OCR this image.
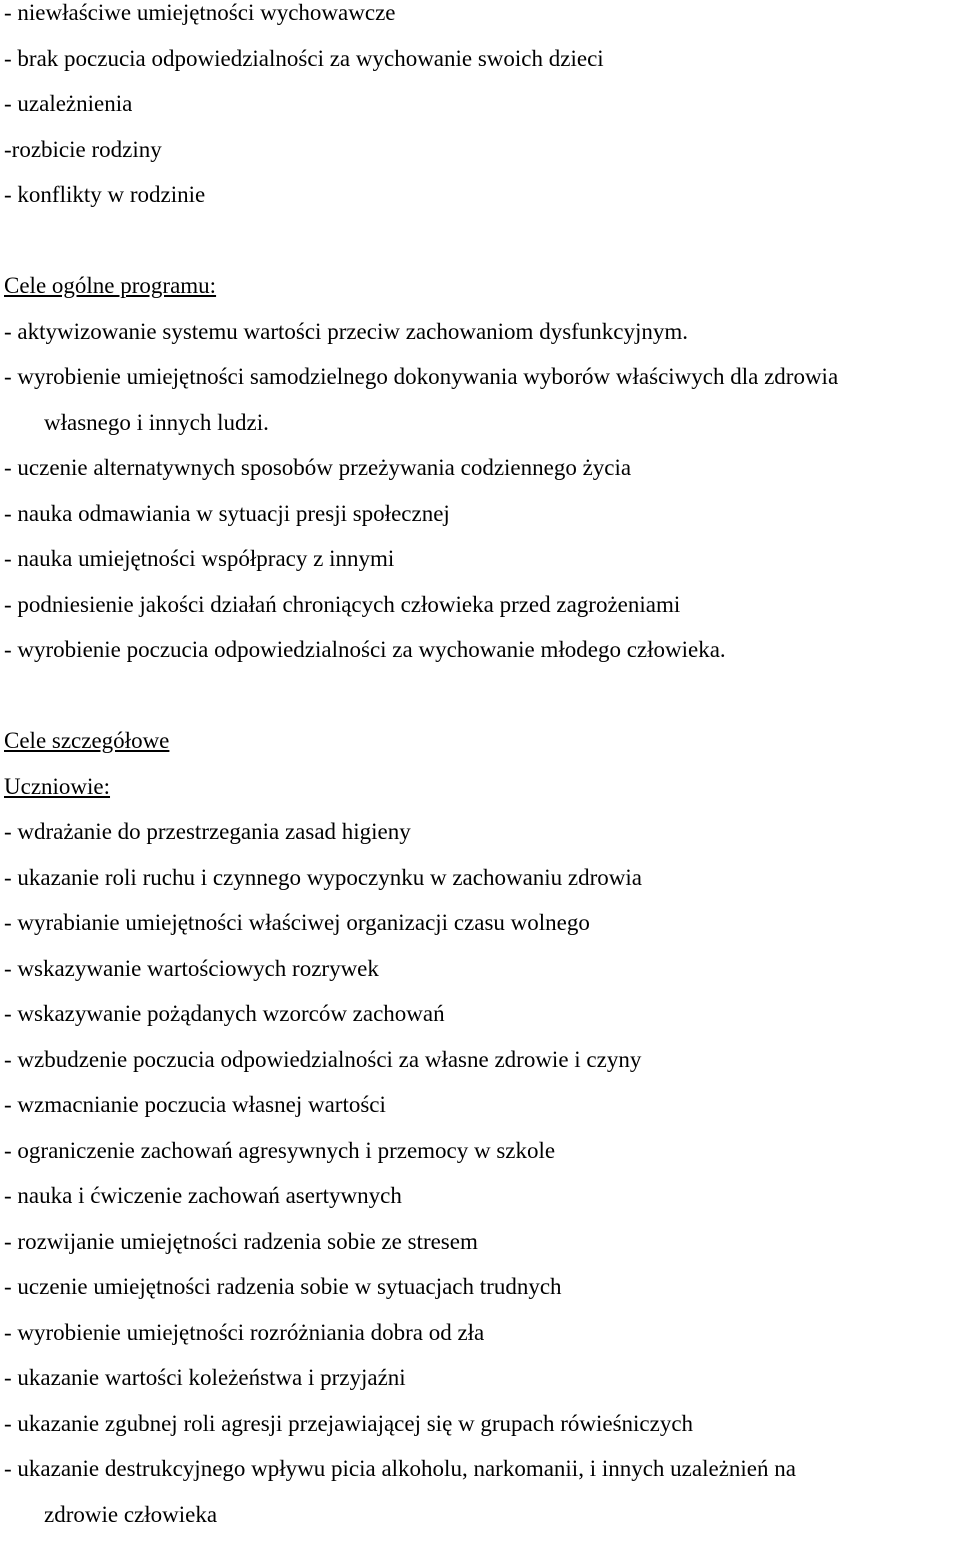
- niewłaściwe umiejętności wychowawcze
- brak poczucia odpowiedzialności za wychowanie swoich dzieci
- uzależnienia
-rozbicie rodziny
- konflikty w rodzinie
Cele ogólne programu:
- aktywizowanie systemu wartości przeciw zachowaniom dysfunkcyjnym.
- wyrobienie umiejętności samodzielnego dokonywania wyborów właściwych dla zdrowia
własnego i innych ludzi.
- uczenie alternatywnych sposobów przeżywania codziennego życia
- nauka odmawiania w sytuacji presji społecznej
- nauka umiejętności współpracy z innymi
- podniesienie jakości działań chroniących człowieka przed zagrożeniami
- wyrobienie poczucia odpowiedzialności za wychowanie młodego człowieka.
Cele szczegółowe
Uczniowie:
- wdrażanie do przestrzegania zasad higieny
- ukazanie roli ruchu i czynnego wypoczynku w zachowaniu zdrowia
- wyrabianie umiejętności właściwej organizacji czasu wolnego
- wskazywanie wartościowych rozrywek
- wskazywanie pożądanych wzorców zachowań
- wzbudzenie poczucia odpowiedzialności za własne zdrowie i czyny
- wzmacnianie poczucia własnej wartości
- ograniczenie zachowań agresywnych i przemocy w szkole
- nauka i ćwiczenie zachowań asertywnych
- rozwijanie umiejętności radzenia sobie ze stresem
- uczenie umiejętności radzenia sobie w sytuacjach trudnych
- wyrobienie umiejętności rozróżniania dobra od zła
- ukazanie wartości koleżeństwa i przyjaźni
- ukazanie zgubnej roli agresji przejawiającej się w grupach rówieśniczych
- ukazanie destrukcyjnego wpływu picia alkoholu, narkomanii, i innych uzależnień na
zdrowie człowieka
